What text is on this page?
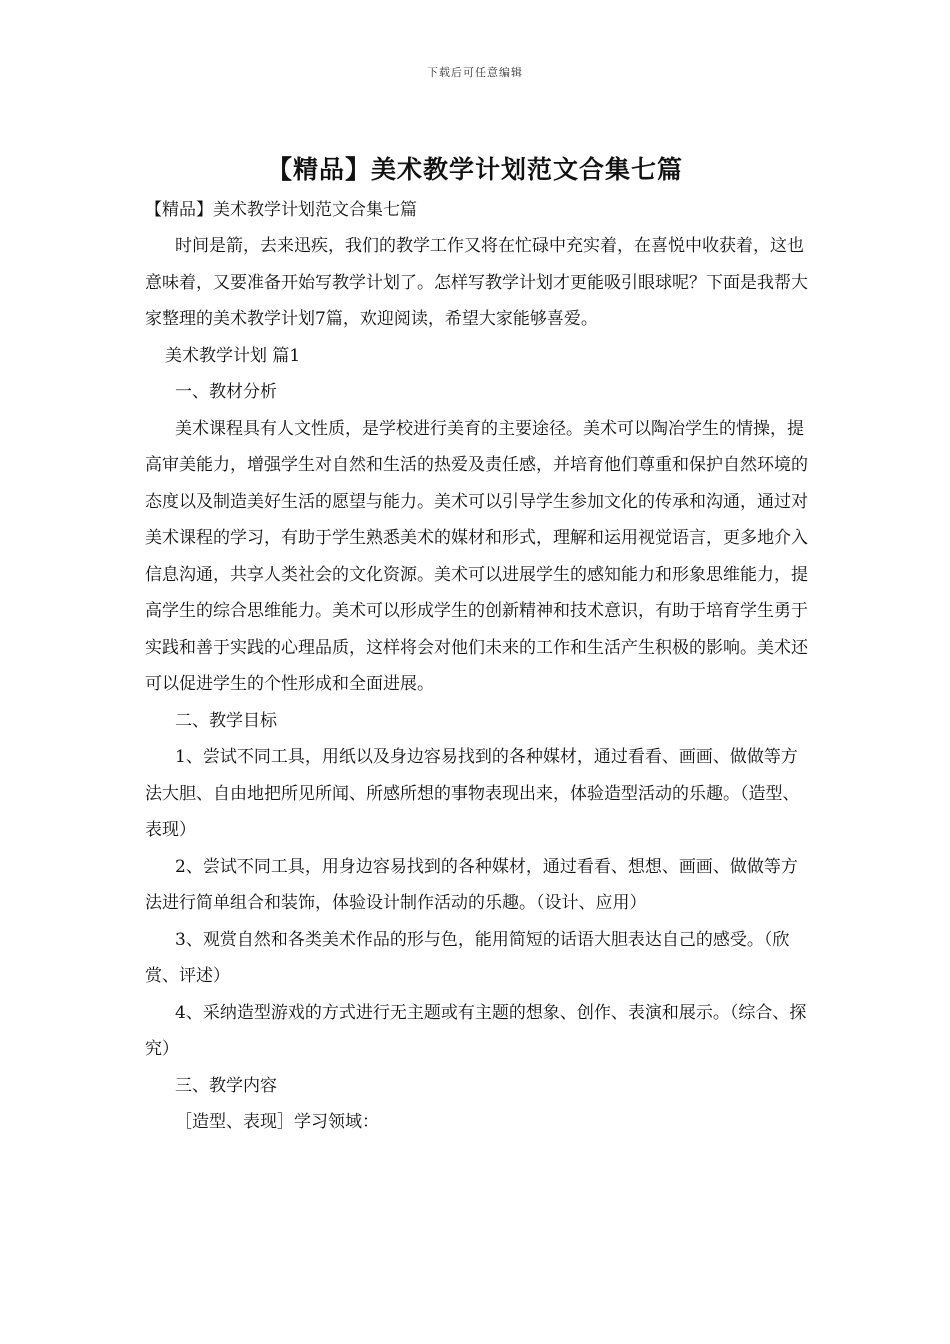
下载后可任意编辑
【精品】美术教学计划范文合集七篇

【精品】美术教学计划范文合集七篇

时间是箭，去来迅疾，我们的教学工作又将在忙碌中充实着，在喜悦中收获着，这也意味着，又要准备开始写教学计划了。怎样写教学计划才更能吸引眼球呢？下面是我帮大家整理的美术教学计划7篇，欢迎阅读，希望大家能够喜爱。

美术教学计划 篇1

一、教材分析

美术课程具有人文性质，是学校进行美育的主要途径。美术可以陶冶学生的情操，提高审美能力，增强学生对自然和生活的热爱及责任感，并培育他们尊重和保护自然环境的态度以及制造美好生活的愿望与能力。美术可以引导学生参加文化的传承和沟通，通过对美术课程的学习，有助于学生熟悉美术的媒材和形式，理解和运用视觉语言，更多地介入信息沟通，共享人类社会的文化资源。美术可以进展学生的感知能力和形象思维能力，提高学生的综合思维能力。美术可以形成学生的创新精神和技术意识，有助于培育学生勇于实践和善于实践的心理品质，这样将会对他们未来的工作和生活产生积极的影响。美术还可以促进学生的个性形成和全面进展。

二、教学目标

1、尝试不同工具，用纸以及身边容易找到的各种媒材，通过看看、画画、做做等方法大胆、自由地把所见所闻、所感所想的事物表现出来，体验造型活动的乐趣。（造型、表现）

2、尝试不同工具，用身边容易找到的各种媒材，通过看看、想想、画画、做做等方法进行简单组合和装饰，体验设计制作活动的乐趣。（设计、应用）

3、观赏自然和各类美术作品的形与色，能用简短的话语大胆表达自己的感受。（欣赏、评述）

4、采纳造型游戏的方式进行无主题或有主题的想象、创作、表演和展示。（综合、探究）

三、教学内容

［造型、表现］学习领域：
